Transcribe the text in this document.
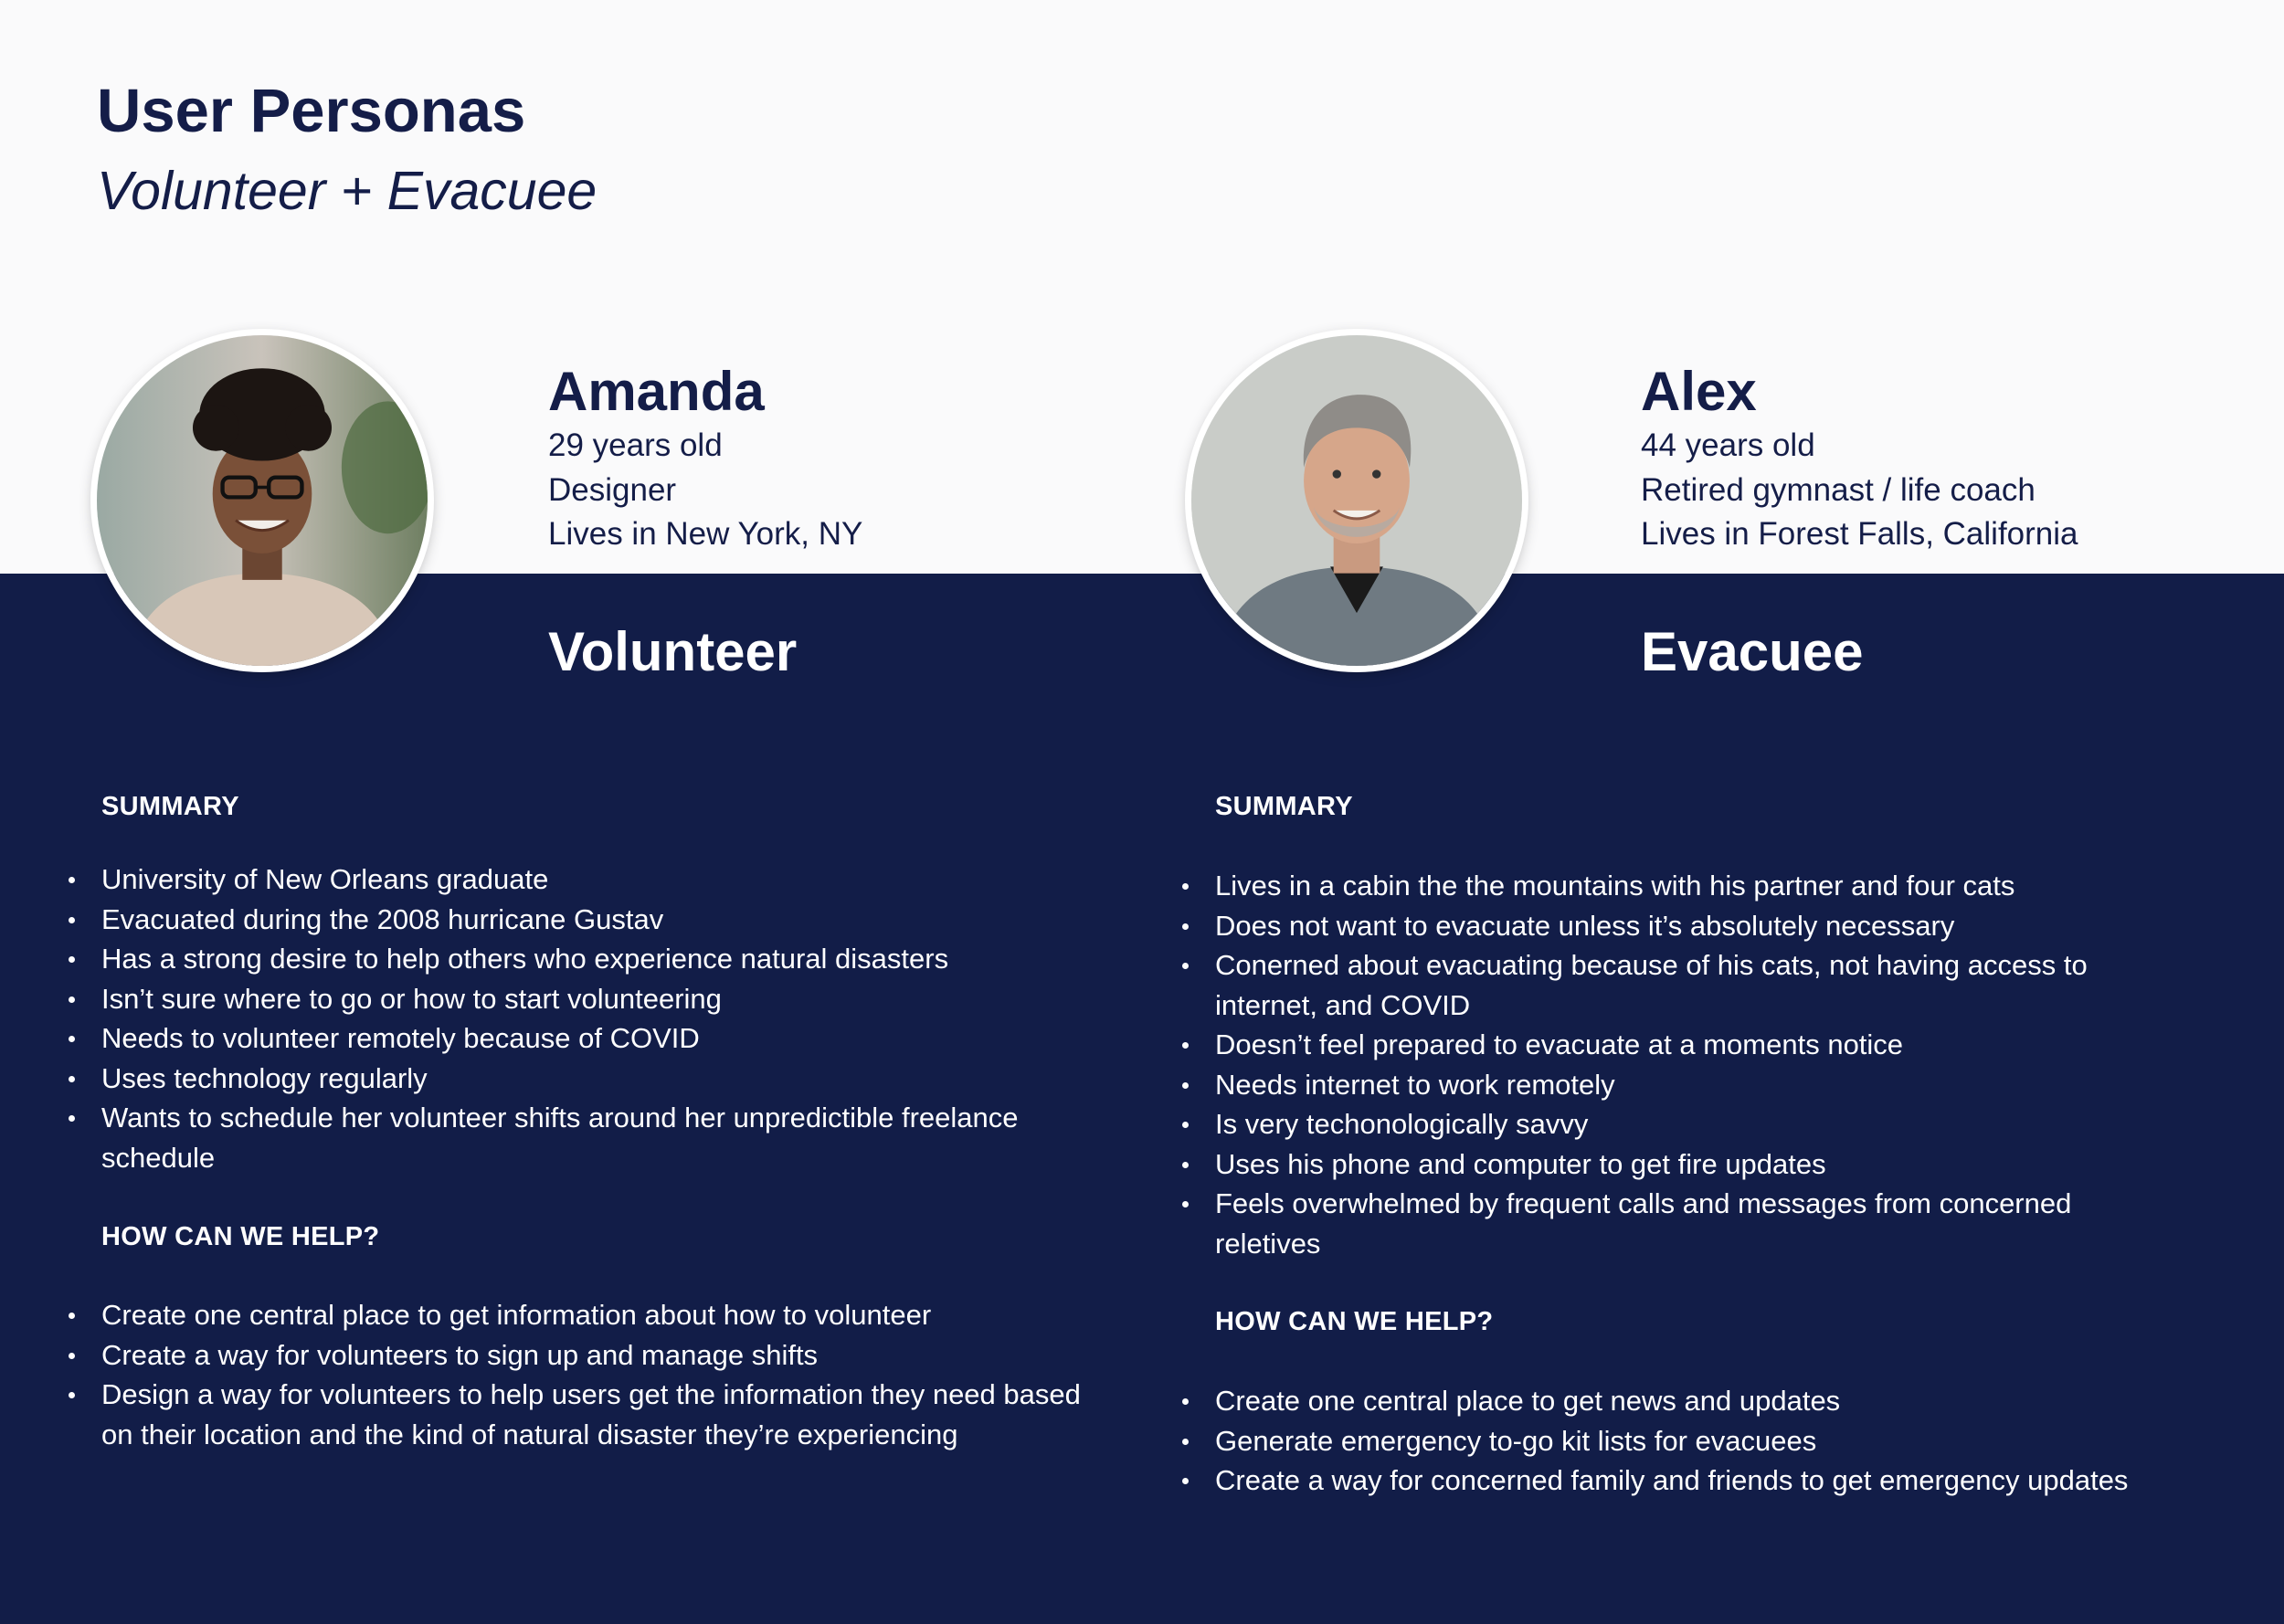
User Personas
Volunteer + Evacuee
Amanda
29 years old
Designer
Lives in New York, NY
Volunteer
Alex
44 years old
Retired gymnast / life coach
Lives in Forest Falls, California
Evacuee
SUMMARY
University of New Orleans graduate
Evacuated during the 2008 hurricane Gustav
Has a strong desire to help others who experience natural disasters
Isn’t sure where to go or how to start volunteering
Needs to volunteer remotely because of COVID
Uses technology regularly
Wants to schedule her volunteer shifts around her unpredictible freelance schedule
HOW CAN WE HELP?
Create one central place to get information about how to volunteer
Create a way for volunteers to sign up and manage shifts
Design a way for volunteers to help users get the information they need based on their location and the kind of natural disaster they’re experiencing
SUMMARY
Lives in a cabin the the mountains with his partner and four cats
Does not want to evacuate unless it’s absolutely necessary
Conerned about evacuating because of his cats, not having access to internet, and COVID
Doesn’t feel prepared to evacuate at a moments notice
Needs internet to work remotely
Is very techonologically savvy
Uses his phone and computer to get fire updates
Feels overwhelmed by frequent calls and messages from concerned reletives
HOW CAN WE HELP?
Create one central place to get news and updates
Generate emergency to-go kit lists for evacuees
Create a way for concerned family and friends to get emergency updates
